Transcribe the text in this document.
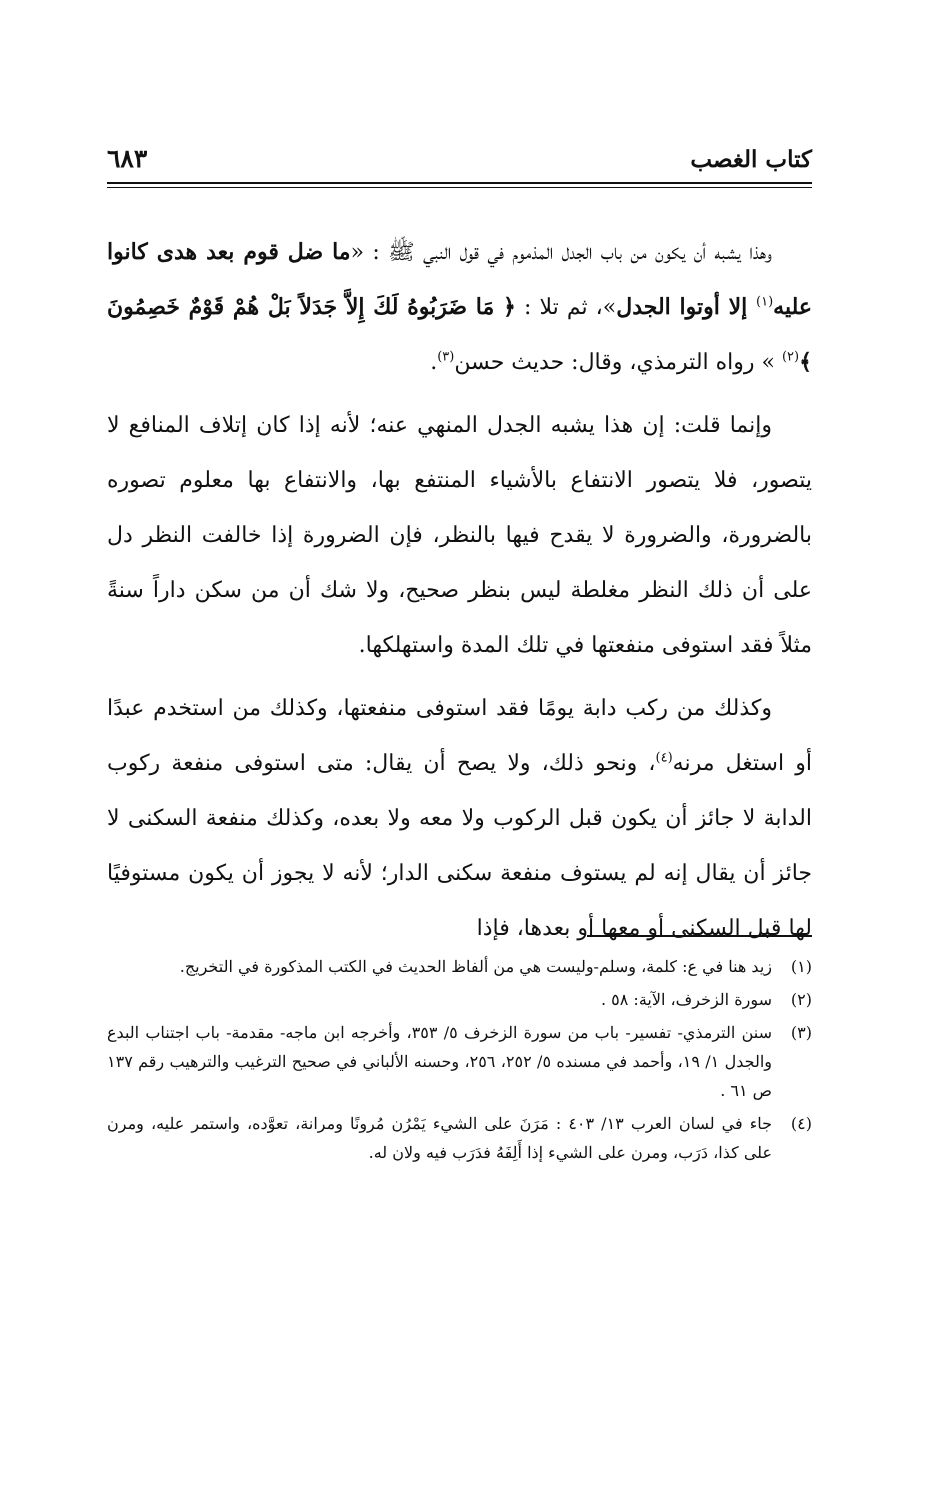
كتاب الغصب
٦٨٣

وهذا يشبه أن يكون من باب الجدل المذموم في قول النبي ﷺ : «ما ضل قوم بعد هدى كانوا عليه$^{(١)}$ إلا أوتوا الجدل»، ثم تلا : ﴿ مَا ضَرَبُوهُ لَكَ إِلاَّ جَدَلاً بَلْ هُمْ قَوْمٌ خَصِمُونَ ﴾$^{(٢)}$ » رواه الترمذي، وقال: حديث حسن$^{(٣)}$.

وإنما قلت: إن هذا يشبه الجدل المنهي عنه؛ لأنه إذا كان إتلاف المنافع لا يتصور، فلا يتصور الانتفاع بالأشياء المنتفع بها، والانتفاع بها معلوم تصوره بالضرورة، والضرورة لا يقدح فيها بالنظر، فإن الضرورة إذا خالفت النظر دل على أن ذلك النظر مغلطة ليس بنظر صحيح، ولا شك أن من سكن داراً سنةً مثلاً فقد استوفى منفعتها في تلك المدة واستهلكها.

وكذلك من ركب دابة يومًا فقد استوفى منفعتها، وكذلك من استخدم عبدًا أو استغل مرنه$^{(٤)}$، ونحو ذلك، ولا يصح أن يقال: متى استوفى منفعة ركوب الدابة لا جائز أن يكون قبل الركوب ولا معه ولا بعده، وكذلك منفعة السكنى لا جائز أن يقال إنه لم يستوف منفعة سكنى الدار؛ لأنه لا يجوز أن يكون مستوفيًا لها قبل السكنى أو معها أو بعدها، فإذا

(١)
زيد هنا في ع: كلمة، وسلم-وليست هي من ألفاظ الحديث في الكتب المذكورة في التخريج.
(٢)
سورة الزخرف، الآية: ٥٨ .
(٣)
سنن الترمذي- تفسير- باب من سورة الزخرف ٥/ ٣٥٣، وأخرجه ابن ماجه- مقدمة- باب اجتناب البدع والجدل ١/ ١٩، وأحمد في مسنده ٥/ ٢٥٢، ٢٥٦، وحسنه الألباني في صحيح الترغيب والترهيب رقم ١٣٧ ص ٦١ .
(٤)
جاء في لسان العرب ١٣/ ٤٠٣ : مَرَنَ على الشيء يَمْرُن مُرونًا ومرانة، تعوَّده، واستمر عليه، ومرن على كذا، دَرَب، ومرن على الشيء إذا أَلِفَهُ فدَرَب فيه ولان له.
